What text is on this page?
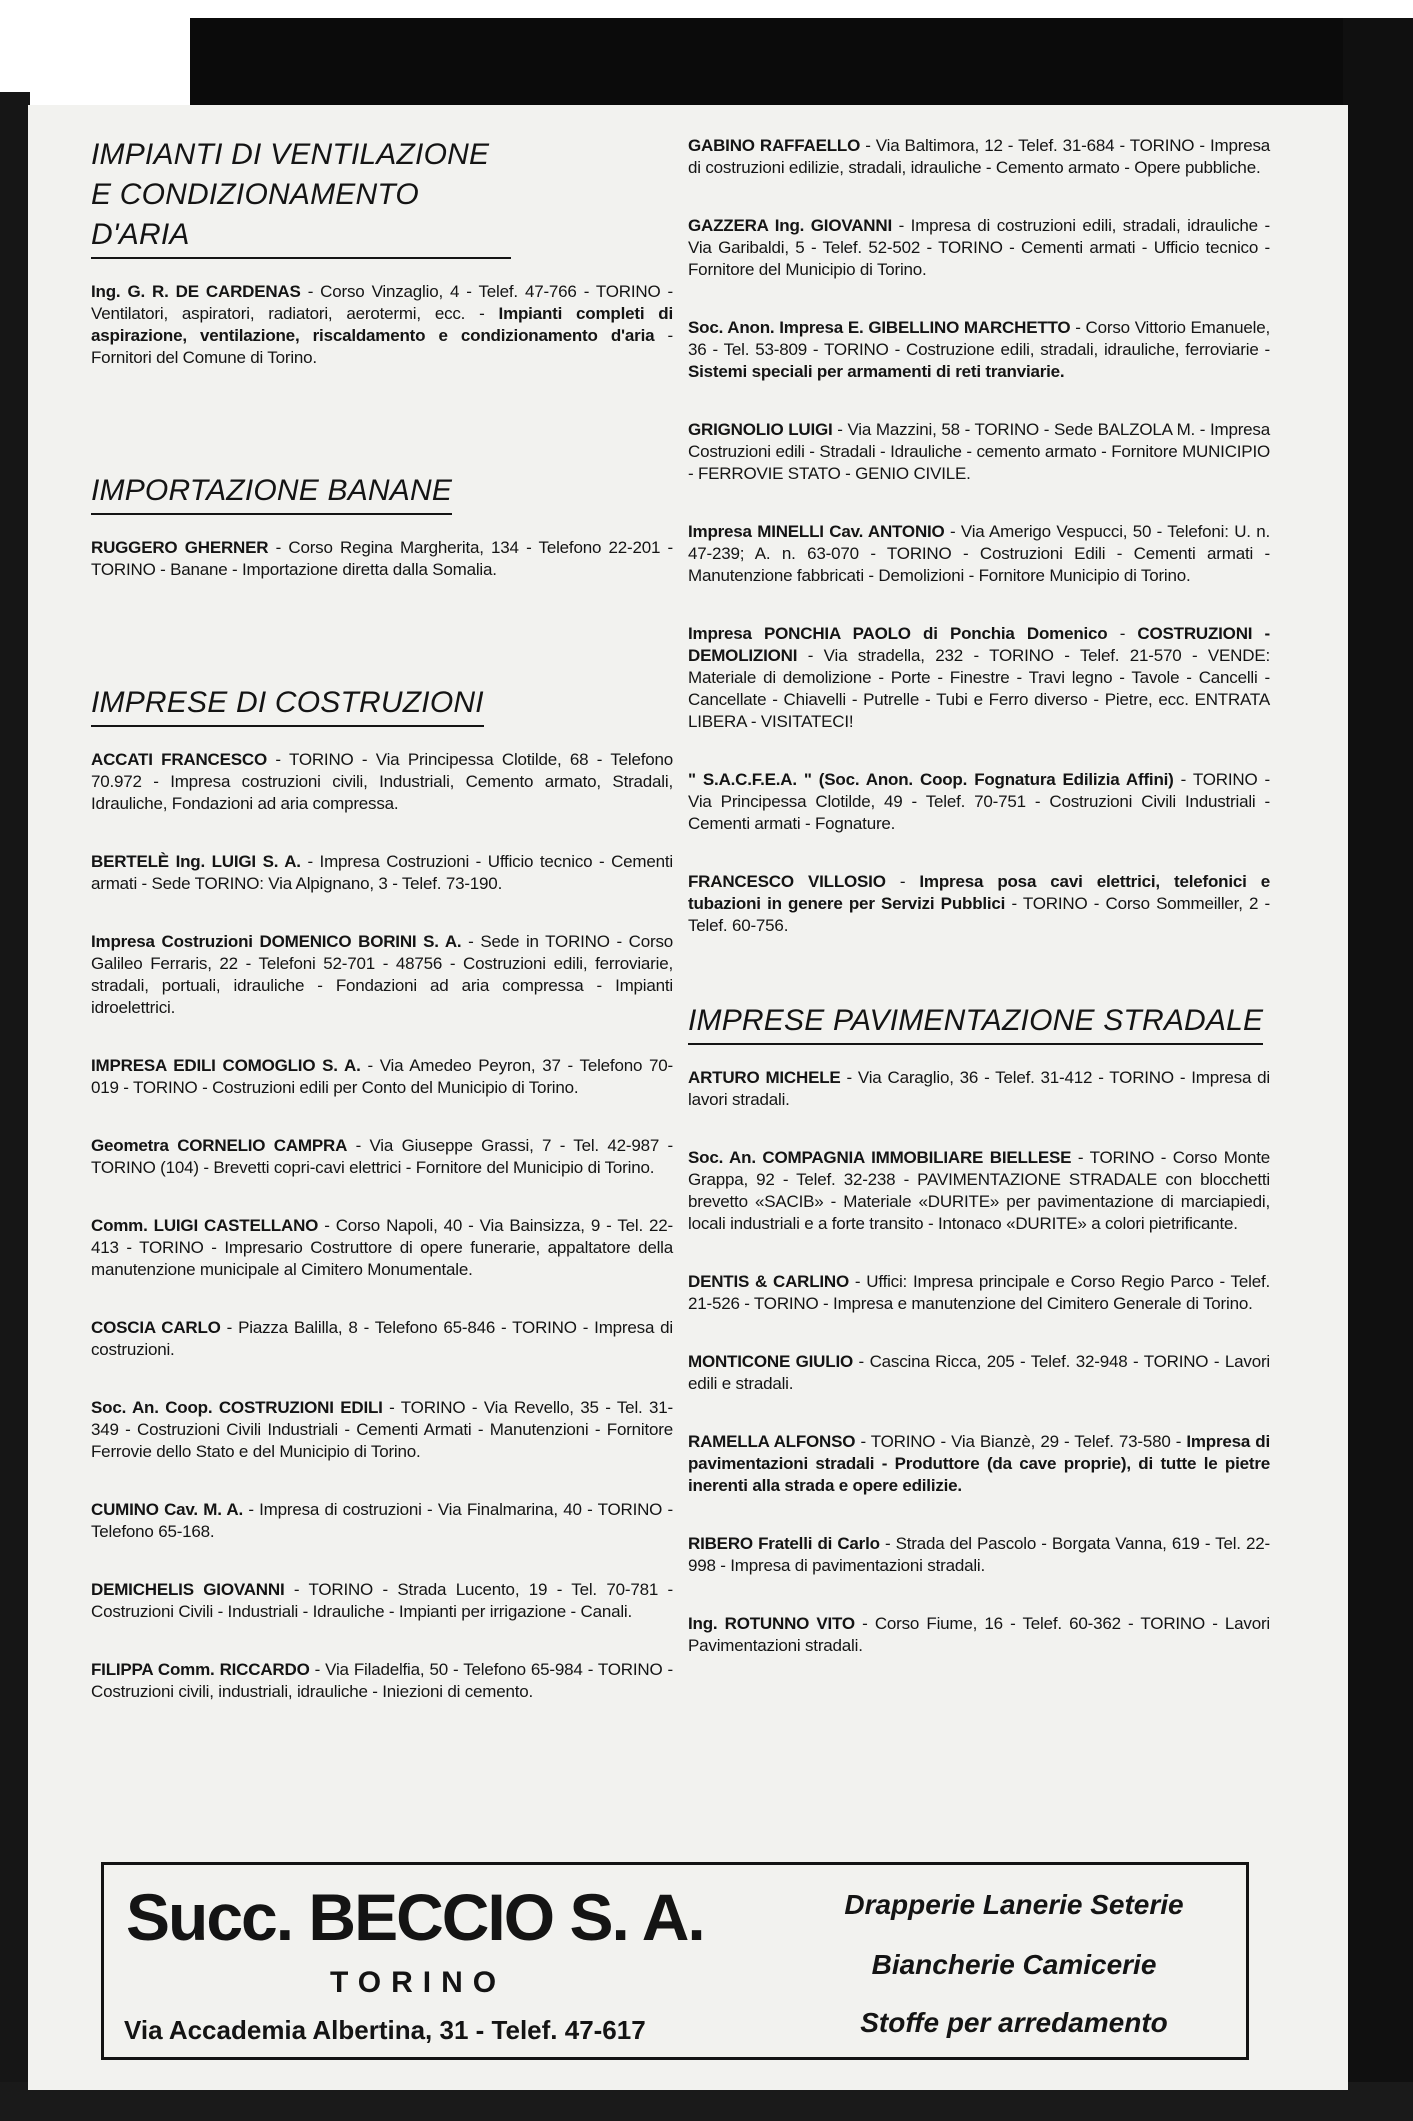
IMPIANTI DI VENTILAZIONE E CONDIZIONAMENTO D'ARIA

Ing. G. R. DE CARDENAS - Corso Vinzaglio, 4 - Telef. 47-766 - TORINO - Ventilatori, aspiratori, radiatori, aerotermi, ecc. - Impianti completi di aspirazione, ventilazione, riscaldamento e condizionamento d'aria - Fornitori del Comune di Torino.

IMPORTAZIONE BANANE

RUGGERO GHERNER - Corso Regina Margherita, 134 - Telefono 22-201 - TORINO - Banane - Importazione diretta dalla Somalia.

IMPRESE DI COSTRUZIONI

ACCATI FRANCESCO - TORINO - Via Principessa Clotilde, 68 - Telefono 70.972 - Impresa costruzioni civili, Industriali, Cemento armato, Stradali, Idrauliche, Fondazioni ad aria compressa.

BERTELÈ Ing. LUIGI S. A. - Impresa Costruzioni - Ufficio tecnico - Cementi armati - Sede TORINO: Via Alpignano, 3 - Telef. 73-190.

Impresa Costruzioni DOMENICO BORINI S. A. - Sede in TORINO - Corso Galileo Ferraris, 22 - Telefoni 52-701 - 48756 - Costruzioni edili, ferroviarie, stradali, portuali, idrauliche - Fondazioni ad aria compressa - Impianti idroelettrici.

IMPRESA EDILI COMOGLIO S. A. - Via Amedeo Peyron, 37 - Telefono 70-019 - TORINO - Costruzioni edili per Conto del Municipio di Torino.

Geometra CORNELIO CAMPRA - Via Giuseppe Grassi, 7 - Tel. 42-987 - TORINO (104) - Brevetti copri-cavi elettrici - Fornitore del Municipio di Torino.

Comm. LUIGI CASTELLANO - Corso Napoli, 40 - Via Bainsizza, 9 - Tel. 22-413 - TORINO - Impresario Costruttore di opere funerarie, appaltatore della manutenzione municipale al Cimitero Monumentale.

COSCIA CARLO - Piazza Balilla, 8 - Telefono 65-846 - TORINO - Impresa di costruzioni.

Soc. An. Coop. COSTRUZIONI EDILI - TORINO - Via Revello, 35 - Tel. 31-349 - Costruzioni Civili Industriali - Cementi Armati - Manutenzioni - Fornitore Ferrovie dello Stato e del Municipio di Torino.

CUMINO Cav. M. A. - Impresa di costruzioni - Via Finalmarina, 40 - TORINO - Telefono 65-168.

DEMICHELIS GIOVANNI - TORINO - Strada Lucento, 19 - Tel. 70-781 - Costruzioni Civili - Industriali - Idrauliche - Impianti per irrigazione - Canali.

FILIPPA Comm. RICCARDO - Via Filadelfia, 50 - Telefono 65-984 - TORINO - Costruzioni civili, industriali, idrauliche - Iniezioni di cemento.

GABINO RAFFAELLO - Via Baltimora, 12 - Telef. 31-684 - TORINO - Impresa di costruzioni edilizie, stradali, idrauliche - Cemento armato - Opere pubbliche.

GAZZERA Ing. GIOVANNI - Impresa di costruzioni edili, stradali, idrauliche - Via Garibaldi, 5 - Telef. 52-502 - TORINO - Cementi armati - Ufficio tecnico - Fornitore del Municipio di Torino.

Soc. Anon. Impresa E. GIBELLINO MARCHETTO - Corso Vittorio Emanuele, 36 - Tel. 53-809 - TORINO - Costruzione edili, stradali, idrauliche, ferroviarie - Sistemi speciali per armamenti di reti tranviarie.

GRIGNOLIO LUIGI - Via Mazzini, 58 - TORINO - Sede BALZOLA M. - Impresa Costruzioni edili - Stradali - Idrauliche - cemento armato - Fornitore MUNICIPIO - FERROVIE STATO - GENIO CIVILE.

Impresa MINELLI Cav. ANTONIO - Via Amerigo Vespucci, 50 - Telefoni: U. n. 47-239; A. n. 63-070 - TORINO - Costruzioni Edili - Cementi armati - Manutenzione fabbricati - Demolizioni - Fornitore Municipio di Torino.

Impresa PONCHIA PAOLO di Ponchia Domenico - COSTRUZIONI - DEMOLIZIONI - Via stradella, 232 - TORINO - Telef. 21-570 - VENDE: Materiale di demolizione - Porte - Finestre - Travi legno - Tavole - Cancelli - Cancellate - Chiavelli - Putrelle - Tubi e Ferro diverso - Pietre, ecc. ENTRATA LIBERA - VISITATECI!

" S.A.C.F.E.A. " (Soc. Anon. Coop. Fognatura Edilizia Affini) - TORINO - Via Principessa Clotilde, 49 - Telef. 70-751 - Costruzioni Civili Industriali - Cementi armati - Fognature.

FRANCESCO VILLOSIO - Impresa posa cavi elettrici, telefonici e tubazioni in genere per Servizi Pubblici - TORINO - Corso Sommeiller, 2 - Telef. 60-756.

IMPRESE PAVIMENTAZIONE STRADALE

ARTURO MICHELE - Via Caraglio, 36 - Telef. 31-412 - TORINO - Impresa di lavori stradali.

Soc. An. COMPAGNIA IMMOBILIARE BIELLESE - TORINO - Corso Monte Grappa, 92 - Telef. 32-238 - PAVIMENTAZIONE STRADALE con blocchetti brevetto «SACIB» - Materiale «DURITE» per pavimentazione di marciapiedi, locali industriali e a forte transito - Intonaco «DURITE» a colori pietrificante.

DENTIS & CARLINO - Uffici: Impresa principale e Corso Regio Parco - Telef. 21-526 - TORINO - Impresa e manutenzione del Cimitero Generale di Torino.

MONTICONE GIULIO - Cascina Ricca, 205 - Telef. 32-948 - TORINO - Lavori edili e stradali.

RAMELLA ALFONSO - TORINO - Via Bianzè, 29 - Telef. 73-580 - Impresa di pavimentazioni stradali - Produttore (da cave proprie), di tutte le pietre inerenti alla strada e opere edilizie.

RIBERO Fratelli di Carlo - Strada del Pascolo - Borgata Vanna, 619 - Tel. 22-998 - Impresa di pavimentazioni stradali.

Ing. ROTUNNO VITO - Corso Fiume, 16 - Telef. 60-362 - TORINO - Lavori Pavimentazioni stradali.

Succ. BECCIO S. A.
TORINO
Via Accademia Albertina, 31 - Telef. 47-617
Drapperie Lanerie Seterie
Biancherie Camicerie
Stoffe per arredamento
